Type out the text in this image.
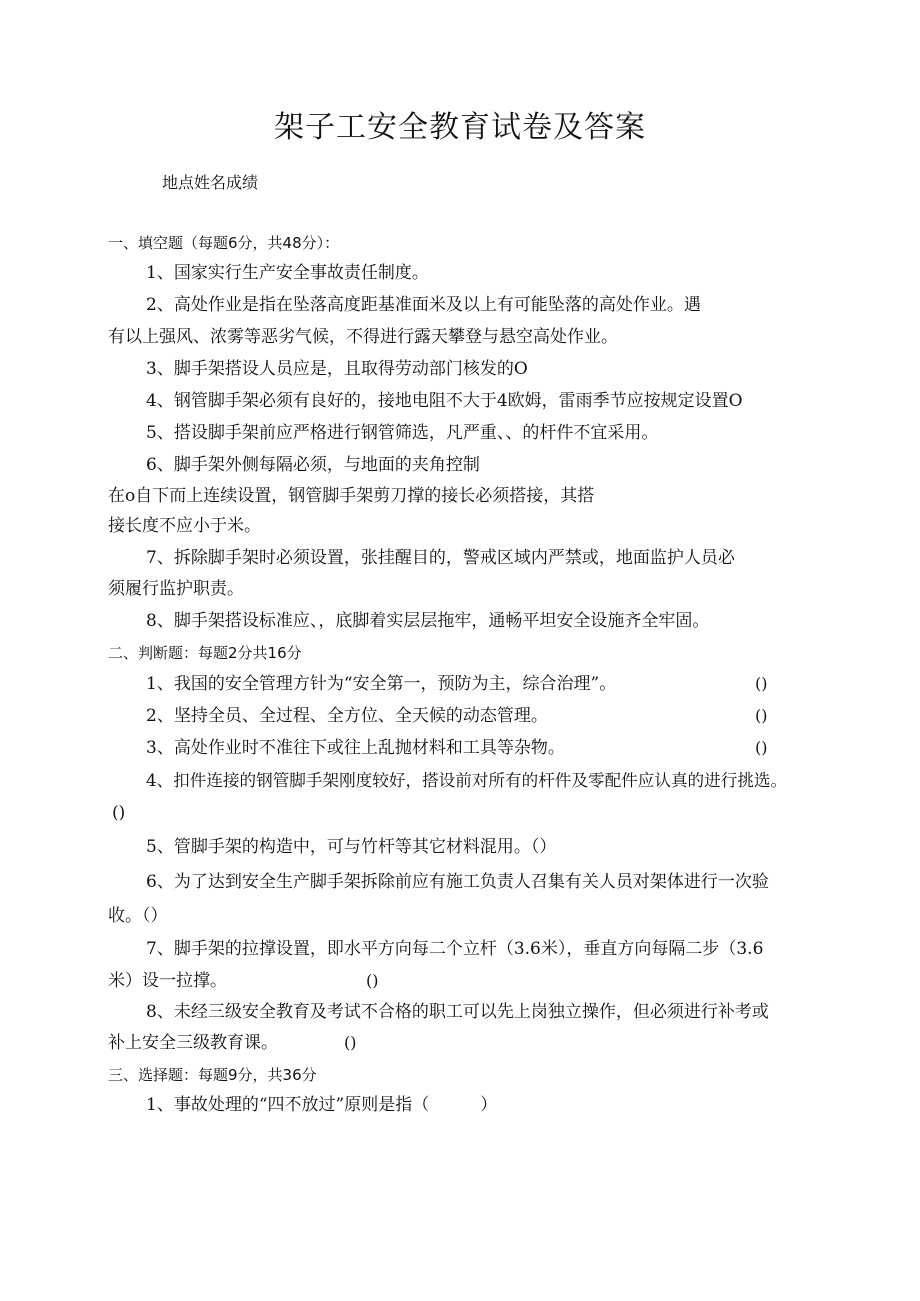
架子工安全教育试卷及答案
地点姓名成绩
一、填空题（每题6分，共48分）：
1、国家实行生产安全事故责任制度。
2、高处作业是指在坠落高度距基准面米及以上有可能坠落的高处作业。遇
有以上强风、浓雾等恶劣气候，不得进行露天攀登与悬空高处作业。
3、脚手架搭设人员应是，且取得劳动部门核发的O
4、钢管脚手架必须有良好的，接地电阻不大于4欧姆，雷雨季节应按规定设置O
5、搭设脚手架前应严格进行钢管筛选，凡严重、、的杆件不宜采用。
6、脚手架外侧每隔必须，与地面的夹角控制
在o自下而上连续设置，钢管脚手架剪刀撑的接长必须搭接，其搭
接长度不应小于米。
7、拆除脚手架时必须设置，张挂醒目的，警戒区域内严禁或，地面监护人员必
须履行监护职责。
8、脚手架搭设标准应、，底脚着实层层拖牢，通畅平坦安全设施齐全牢固。
二、判断题：每题2分共16分
1、我国的安全管理方针为“安全第一，预防为主，综合治理”。	()
2、坚持全员、全过程、全方位、全天候的动态管理。	()
3、高处作业时不准往下或往上乱抛材料和工具等杂物。	()
4、扣件连接的钢管脚手架刚度较好，搭设前对所有的杆件及零配件应认真的进行挑选。
()
5、管脚手架的构造中，可与竹杆等其它材料混用。（）
6、为了达到安全生产脚手架拆除前应有施工负责人召集有关人员对架体进行一次验
收。（）
7、脚手架的拉撑设置，即水平方向每二个立杆（3.6米），垂直方向每隔二步（3.6
米）设一拉撑。	()
8、未经三级安全教育及考试不合格的职工可以先上岗独立操作，但必须进行补考或
补上安全三级教育课。	()
三、选择题：每题9分，共36分
1、事故处理的“四不放过”原则是指（　　　）
